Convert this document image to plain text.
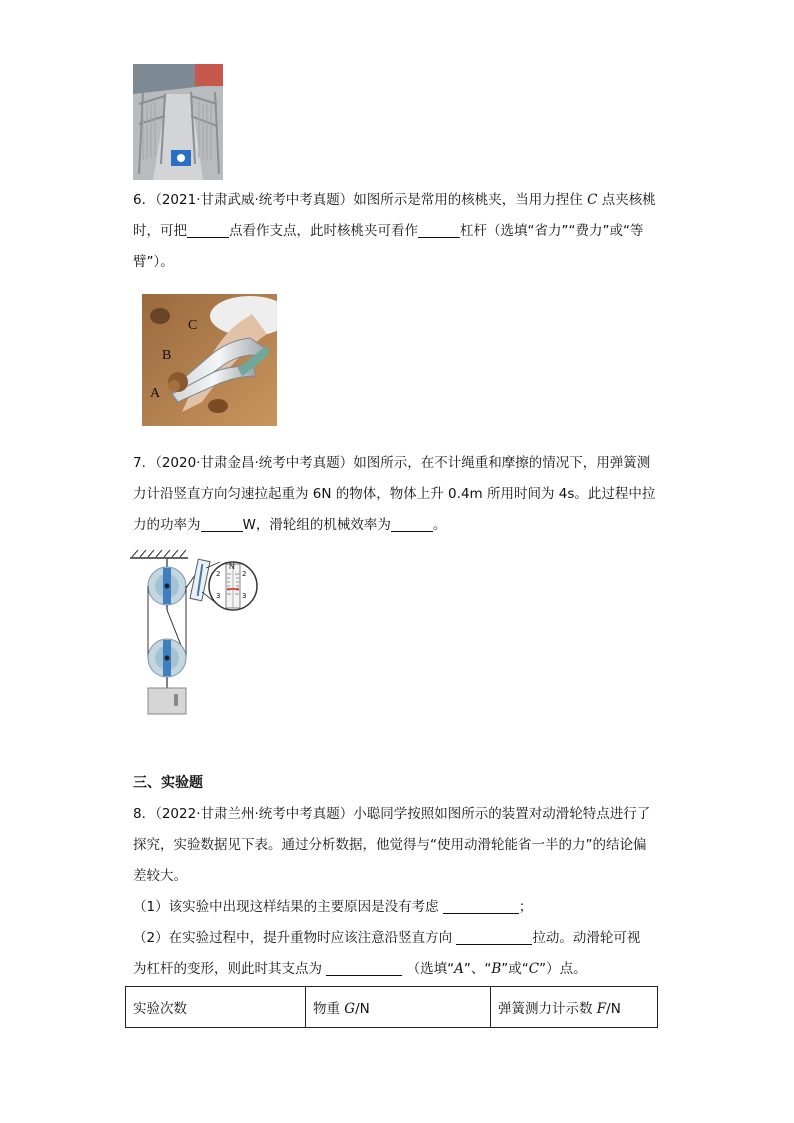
6．（2021·甘肃武威·统考中考真题）如图所示是常用的核桃夹，当用力捏住 C 点夹核桃
时，可把	点看作支点，此时核桃夹可看作	杠杆（选填“省力”“费力”或“等
臂”）。
C
B
A
7．（2020·甘肃金昌·统考中考真题）如图所示，在不计绳重和摩擦的情况下，用弹簧测
力计沿竖直方向匀速拉起重为 6N 的物体，物体上升 0.4m 所用时间为 4s。此过程中拉
力的功率为	W，滑轮组的机械效率为	。
N
2
3
2
3
三、实验题
8．（2022·甘肃兰州·统考中考真题）小聪同学按照如图所示的装置对动滑轮特点进行了
探究，实验数据见下表。通过分析数据，他觉得与“使用动滑轮能省一半的力”的结论偏
差较大。
（1）该实验中出现这样结果的主要原因是没有考虑	；
（2）在实验过程中，提升重物时应该注意沿竖直方向	拉动。动滑轮可视
为杠杆的变形，则此时其支点为	（选填“A”、“B”或“C”）点。
实验次数	物重 G/N	弹簧测力计示数 F/N
